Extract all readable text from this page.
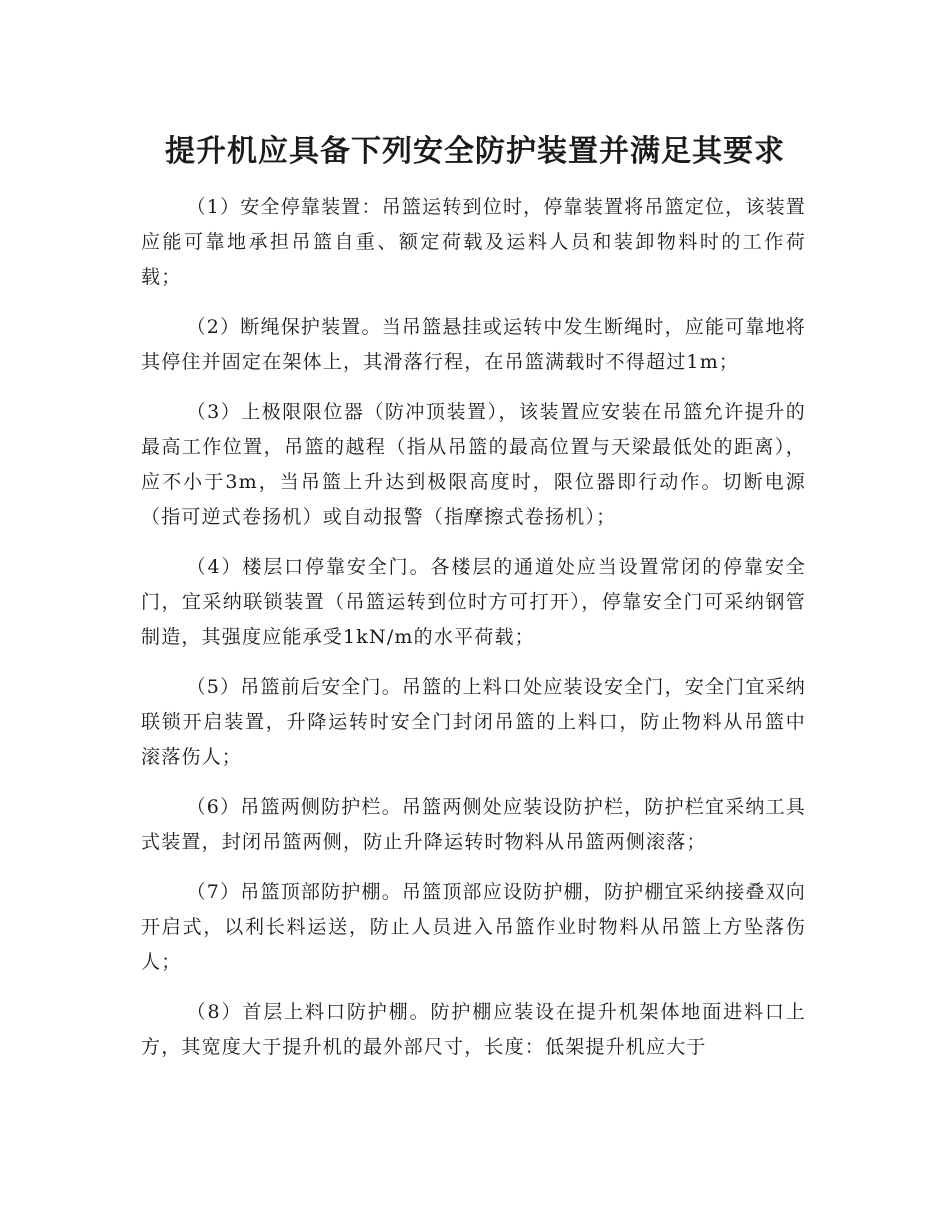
提升机应具备下列安全防护装置并满足其要求

（1）安全停靠装置：吊篮运转到位时，停靠装置将吊篮定位，该装置应能可靠地承担吊篮自重、额定荷载及运料人员和装卸物料时的工作荷载；

（2）断绳保护装置。当吊篮悬挂或运转中发生断绳时，应能可靠地将其停住并固定在架体上，其滑落行程，在吊篮满载时不得超过1m；

（3）上极限限位器（防冲顶装置），该装置应安装在吊篮允许提升的最高工作位置，吊篮的越程（指从吊篮的最高位置与天梁最低处的距离），应不小于3m，当吊篮上升达到极限高度时，限位器即行动作。切断电源（指可逆式卷扬机）或自动报警（指摩擦式卷扬机）；

（4）楼层口停靠安全门。各楼层的通道处应当设置常闭的停靠安全门，宜采纳联锁装置（吊篮运转到位时方可打开），停靠安全门可采纳钢管制造，其强度应能承受1kN/m的水平荷载；

（5）吊篮前后安全门。吊篮的上料口处应装设安全门，安全门宜采纳联锁开启装置，升降运转时安全门封闭吊篮的上料口，防止物料从吊篮中滚落伤人；

（6）吊篮两侧防护栏。吊篮两侧处应装设防护栏，防护栏宜采纳工具式装置，封闭吊篮两侧，防止升降运转时物料从吊篮两侧滚落；

（7）吊篮顶部防护棚。吊篮顶部应设防护棚，防护棚宜采纳接叠双向开启式，以利长料运送，防止人员进入吊篮作业时物料从吊篮上方坠落伤人；

（8）首层上料口防护棚。防护棚应装设在提升机架体地面进料口上方，其宽度大于提升机的最外部尺寸，长度：低架提升机应大于
